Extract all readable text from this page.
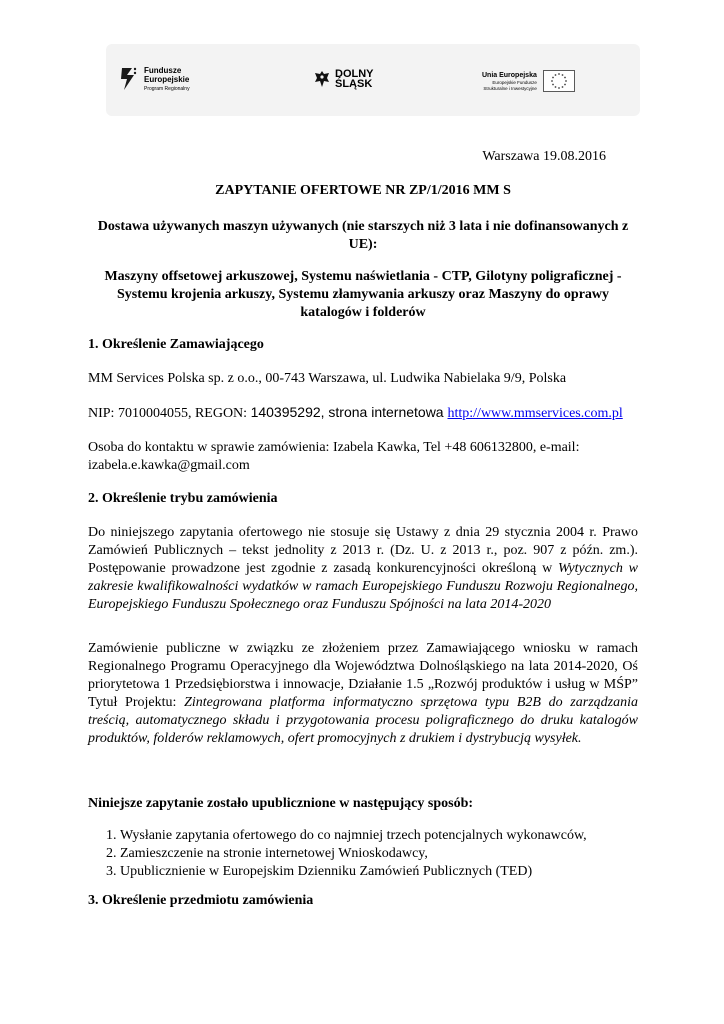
Fundusze
Europejskie
Program Regionalny
DOLNY
ŚLĄSK
Unia Europejska
Europejskie Fundusze
Strukturalne i Inwestycyjne
Warszawa 19.08.2016
ZAPYTANIE OFERTOWE NR ZP/1/2016 MM S
Dostawa używanych maszyn używanych (nie starszych niż 3 lata i nie dofinansowanych z UE):
Maszyny offsetowej arkuszowej, Systemu naświetlania - CTP, Gilotyny poligraficznej - Systemu krojenia arkuszy, Systemu złamywania arkuszy oraz Maszyny do oprawy katalogów i folderów
1. Określenie Zamawiającego
MM Services Polska sp. z o.o., 00-743 Warszawa, ul. Ludwika Nabielaka 9/9, Polska
NIP: 7010004055, REGON: 140395292, strona internetowa http://www.mmservices.com.pl
Osoba do kontaktu w sprawie zamówienia: Izabela Kawka, Tel +48 606132800, e-mail: izabela.e.kawka@gmail.com
2. Określenie trybu zamówienia
Do niniejszego zapytania ofertowego nie stosuje się Ustawy z dnia 29 stycznia 2004 r. Prawo Zamówień Publicznych – tekst jednolity z 2013 r. (Dz. U. z 2013 r., poz. 907 z późn. zm.). Postępowanie prowadzone jest zgodnie z zasadą konkurencyjności określoną w Wytycznych w zakresie kwalifikowalności wydatków w ramach Europejskiego Funduszu Rozwoju Regionalnego, Europejskiego Funduszu Społecznego oraz Funduszu Spójności na lata 2014-2020
Zamówienie publiczne w związku ze złożeniem przez Zamawiającego wniosku w ramach Regionalnego Programu Operacyjnego dla Województwa Dolnośląskiego na lata 2014-2020, Oś priorytetowa 1 Przedsiębiorstwa i innowacje, Działanie 1.5 „Rozwój produktów i usług w MŚP” Tytuł Projektu: Zintegrowana platforma informatyczno sprzętowa typu B2B do zarządzania treścią, automatycznego składu i przygotowania procesu poligraficznego do druku katalogów produktów, folderów reklamowych, ofert promocyjnych z drukiem i dystrybucją wysyłek.
Niniejsze zapytanie zostało upublicznione w następujący sposób:
1. Wysłanie zapytania ofertowego do co najmniej trzech potencjalnych wykonawców,
2. Zamieszczenie na stronie internetowej Wnioskodawcy,
3. Upublicznienie w Europejskim Dzienniku Zamówień Publicznych (TED)
3. Określenie przedmiotu zamówienia
